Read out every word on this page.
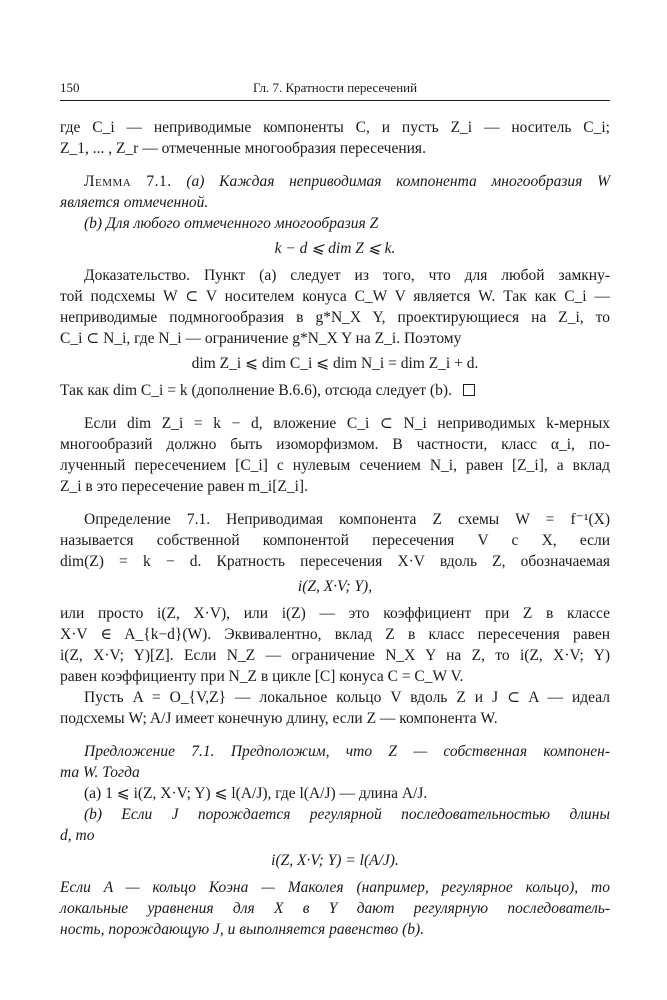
150	Гл. 7. Кратности пересечений
где C_i — неприводимые компоненты C, и пусть Z_i — носитель C_i;
Z_1, ... , Z_r — отмеченные многообразия пересечения.
Лемма 7.1. (a) Каждая неприводимая компонента многообразия W
является отмеченной.
(b) Для любого отмеченного многообразия Z
k − d ⩽ dim Z ⩽ k.
Доказательство. Пункт (a) следует из того, что для любой замкну-
той подсхемы W ⊂ V носителем конуса C_W V является W. Так как C_i —
неприводимые подмногообразия в g*N_X Y, проектирующиеся на Z_i, то
C_i ⊂ N_i, где N_i — ограничение g*N_X Y на Z_i. Поэтому
dim Z_i ⩽ dim C_i ⩽ dim N_i = dim Z_i + d.
Так как dim C_i = k (дополнение B.6.6), отсюда следует (b).
Если dim Z_i = k − d, вложение C_i ⊂ N_i неприводимых k-мерных
многообразий должно быть изоморфизмом. В частности, класс α_i, по-
лученный пересечением [C_i] с нулевым сечением N_i, равен [Z_i], а вклад
Z_i в это пересечение равен m_i[Z_i].
Определение 7.1. Неприводимая компонента Z схемы W = f⁻¹(X)
называется собственной компонентой пересечения V с X, если
dim(Z) = k − d. Кратность пересечения X·V вдоль Z, обозначаемая
i(Z, X·V; Y),
или просто i(Z, X·V), или i(Z) — это коэффициент при Z в классе
X·V ∈ A_{k−d}(W). Эквивалентно, вклад Z в класс пересечения равен
i(Z, X·V; Y)[Z]. Если N_Z — ограничение N_X Y на Z, то i(Z, X·V; Y)
равен коэффициенту при N_Z в цикле [C] конуса C = C_W V.
Пусть A = O_{V,Z} — локальное кольцо V вдоль Z и J ⊂ A — идеал
подсхемы W; A/J имеет конечную длину, если Z — компонента W.
Предложение 7.1. Предположим, что Z — собственная компонен-
та W. Тогда
(a) 1 ⩽ i(Z, X·V; Y) ⩽ l(A/J), где l(A/J) — длина A/J.
(b) Если J порождается регулярной последовательностью длины
d, то
i(Z, X·V; Y) = l(A/J).
Если A — кольцо Коэна — Маколея (например, регулярное кольцо), то
локальные уравнения для X в Y дают регулярную последователь-
ность, порождающую J, и выполняется равенство (b).
